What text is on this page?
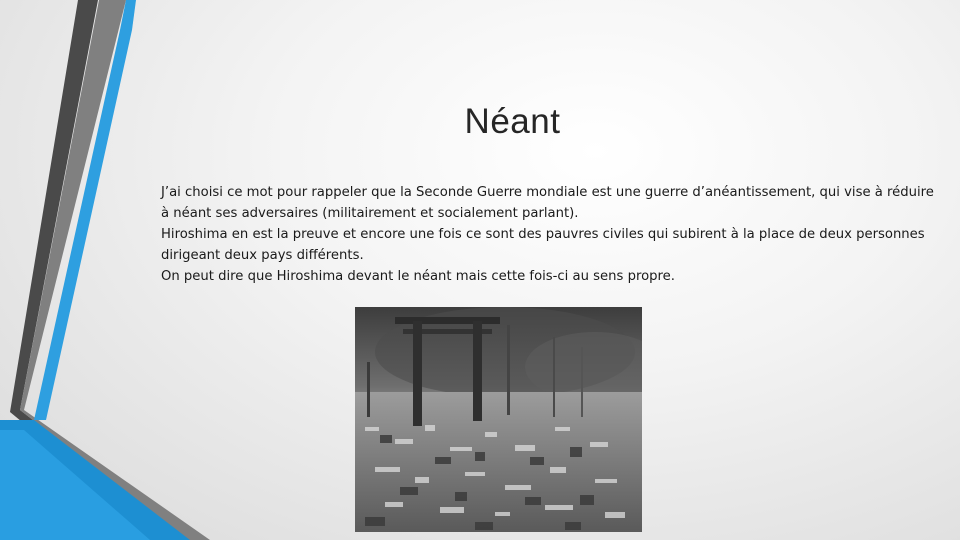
Néant

J’ai choisi ce mot pour rappeler que la Seconde Guerre mondiale est une guerre d’anéantissement, qui vise à réduire à néant ses adversaires (militairement et socialement parlant).

Hiroshima en est la preuve et encore une fois ce sont des pauvres civiles qui subirent à la place de deux personnes dirigeant deux pays différents.

On peut dire que Hiroshima devant le néant mais cette fois-ci au sens propre.
